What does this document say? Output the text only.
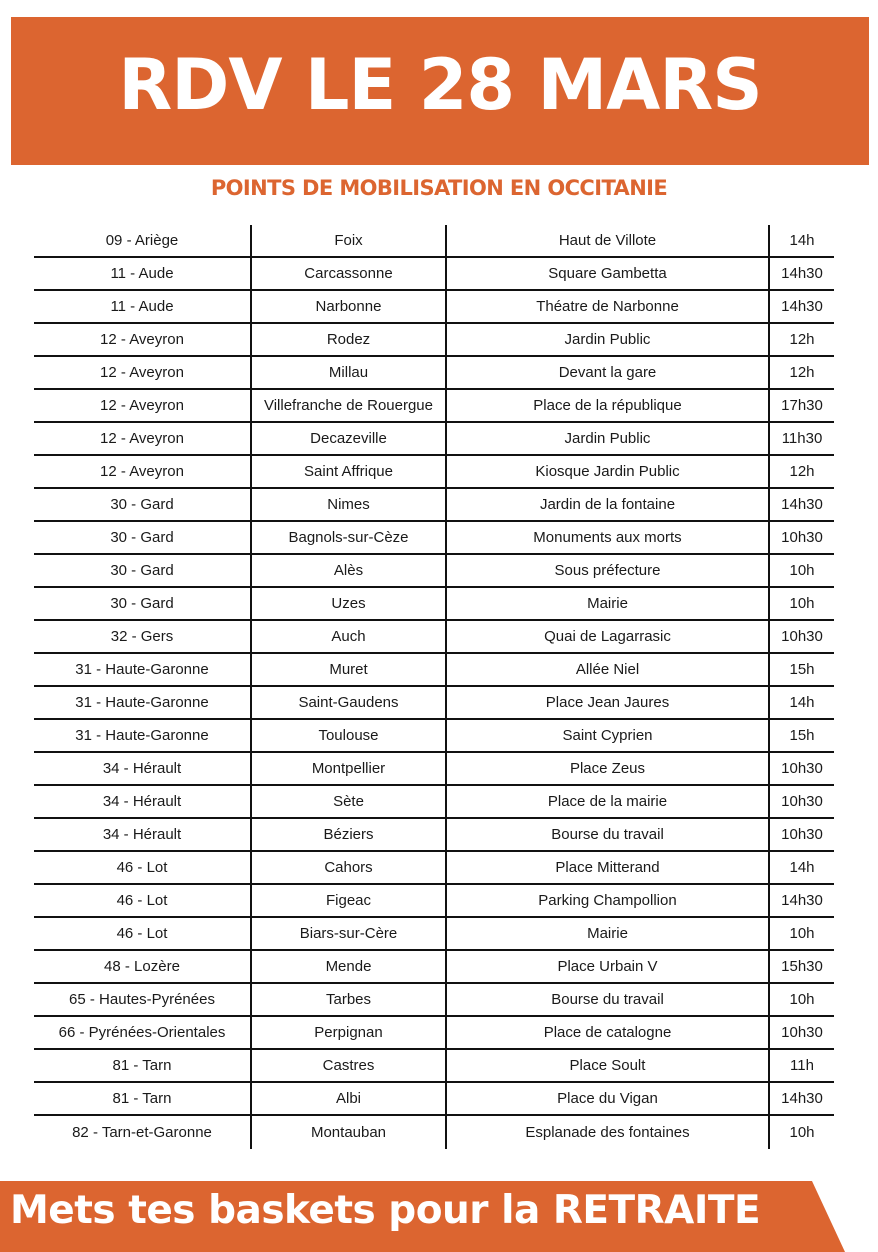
RDV LE 28 MARS
POINTS DE MOBILISATION EN OCCITANIE
09 - Ariège	Foix	Haut de Villote	14h
11 - Aude	Carcassonne	Square Gambetta	14h30
11 - Aude	Narbonne	Théatre de Narbonne	14h30
12 - Aveyron	Rodez	Jardin Public	12h
12 - Aveyron	Millau	Devant la gare	12h
12 - Aveyron	Villefranche de Rouergue	Place de la république	17h30
12 - Aveyron	Decazeville	Jardin Public	11h30
12 - Aveyron	Saint Affrique	Kiosque Jardin Public	12h
30 - Gard	Nimes	Jardin de la fontaine	14h30
30 - Gard	Bagnols-sur-Cèze	Monuments aux morts	10h30
30 - Gard	Alès	Sous préfecture	10h
30 - Gard	Uzes	Mairie	10h
32 - Gers	Auch	Quai de Lagarrasic	10h30
31 - Haute-Garonne	Muret	Allée Niel	15h
31 - Haute-Garonne	Saint-Gaudens	Place Jean Jaures	14h
31 - Haute-Garonne	Toulouse	Saint Cyprien	15h
34 - Hérault	Montpellier	Place Zeus	10h30
34 - Hérault	Sète	Place de la mairie	10h30
34 - Hérault	Béziers	Bourse du travail	10h30
46 - Lot	Cahors	Place Mitterand	14h
46 - Lot	Figeac	Parking Champollion	14h30
46 - Lot	Biars-sur-Cère	Mairie	10h
48 - Lozère	Mende	Place Urbain V	15h30
65 - Hautes-Pyrénées	Tarbes	Bourse du travail	10h
66 - Pyrénées-Orientales	Perpignan	Place de catalogne	10h30
81 - Tarn	Castres	Place Soult	11h
81 - Tarn	Albi	Place du Vigan	14h30
82 - Tarn-et-Garonne	Montauban	Esplanade des fontaines	10h

Mets tes baskets pour la RETRAITE
